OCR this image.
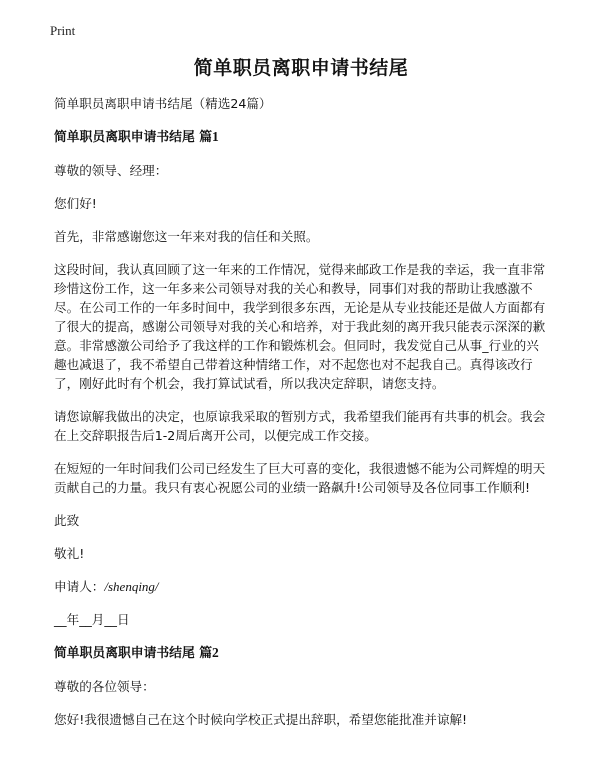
Print
简单职员离职申请书结尾

简单职员离职申请书结尾（精选24篇）

简单职员离职申请书结尾 篇1

尊敬的领导、经理：

您们好!

首先，非常感谢您这一年来对我的信任和关照。

这段时间，我认真回顾了这一年来的工作情况，觉得来邮政工作是我的幸运，我一直非常珍惜这份工作，这一年多来公司领导对我的关心和教导，同事们对我的帮助让我感激不尽。在公司工作的一年多时间中，我学到很多东西，无论是从专业技能还是做人方面都有了很大的提高，感谢公司领导对我的关心和培养，对于我此刻的离开我只能表示深深的歉意。非常感激公司给予了我这样的工作和锻炼机会。但同时，我发觉自己从事_行业的兴趣也减退了，我不希望自己带着这种情绪工作，对不起您也对不起我自己。真得该改行了，刚好此时有个机会，我打算试试看，所以我决定辞职，请您支持。

请您谅解我做出的决定，也原谅我采取的暂别方式，我希望我们能再有共事的机会。我会在上交辞职报告后1-2周后离开公司，以便完成工作交接。

在短短的一年时间我们公司已经发生了巨大可喜的变化，我很遗憾不能为公司辉煌的明天贡献自己的力量。我只有衷心祝愿公司的业绩一路飙升!公司领导及各位同事工作顺利!

此致

敬礼!

申请人：/shenqing/

__年__月__日

简单职员离职申请书结尾 篇2

尊敬的各位领导：

您好!我很遗憾自己在这个时候向学校正式提出辞职，希望您能批准并谅解!
